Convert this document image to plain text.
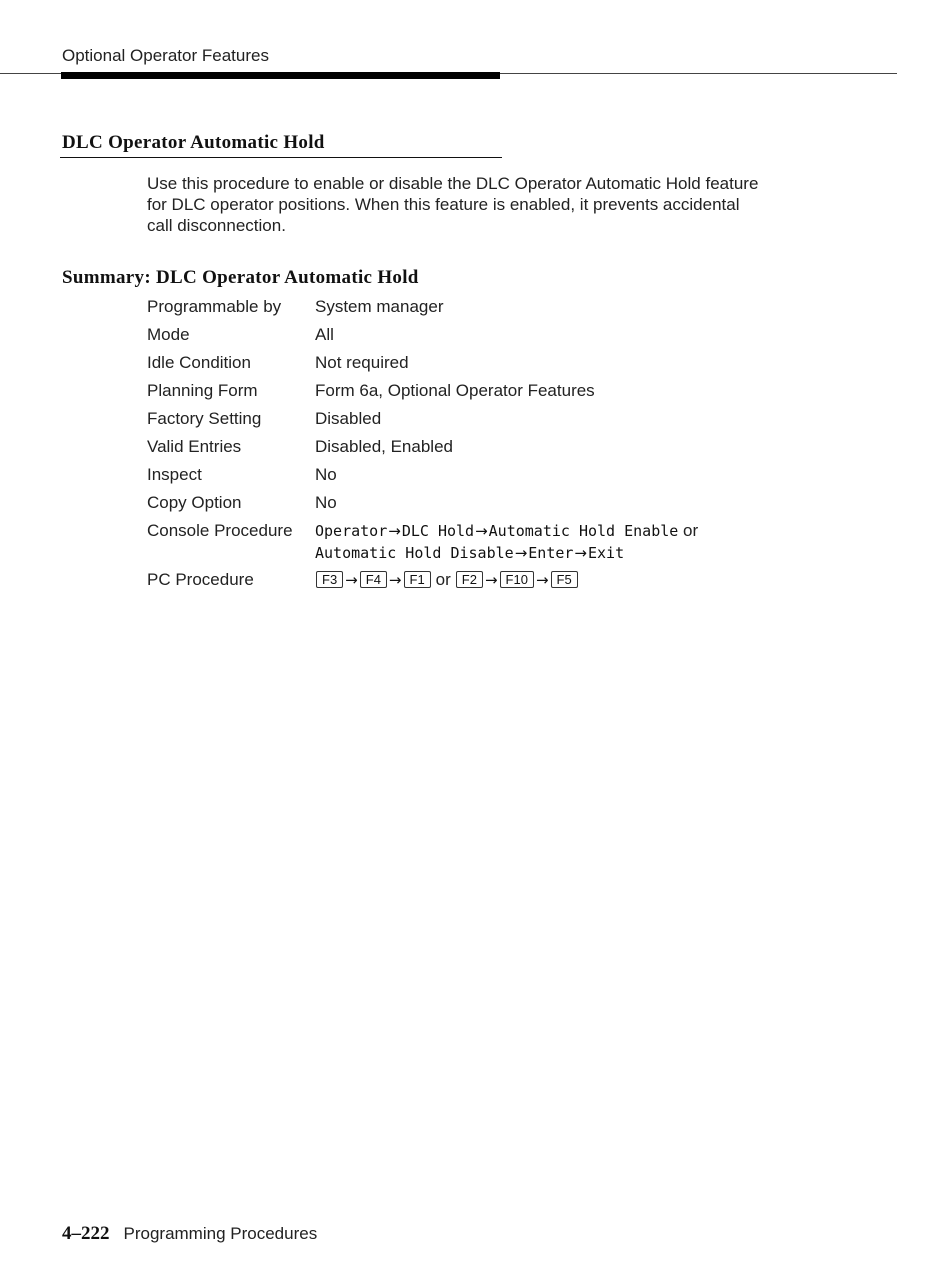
Optional Operator Features
DLC Operator Automatic Hold

Use this procedure to enable or disable the DLC Operator Automatic Hold feature for DLC operator positions. When this feature is enabled, it prevents accidental call disconnection.

Summary: DLC Operator Automatic Hold
Programmable by	System manager
Mode	All
Idle Condition	Not required
Planning Form	Form 6a, Optional Operator Features
Factory Setting	Disabled
Valid Entries	Disabled, Enabled
Inspect	No
Copy Option	No
Console Procedure	Operator→DLC Hold→Automatic Hold Enable or
Automatic Hold Disable→Enter→Exit
PC Procedure	F3 → F4 → F1 or F2 → F10 → F5
4–222 Programming Procedures
